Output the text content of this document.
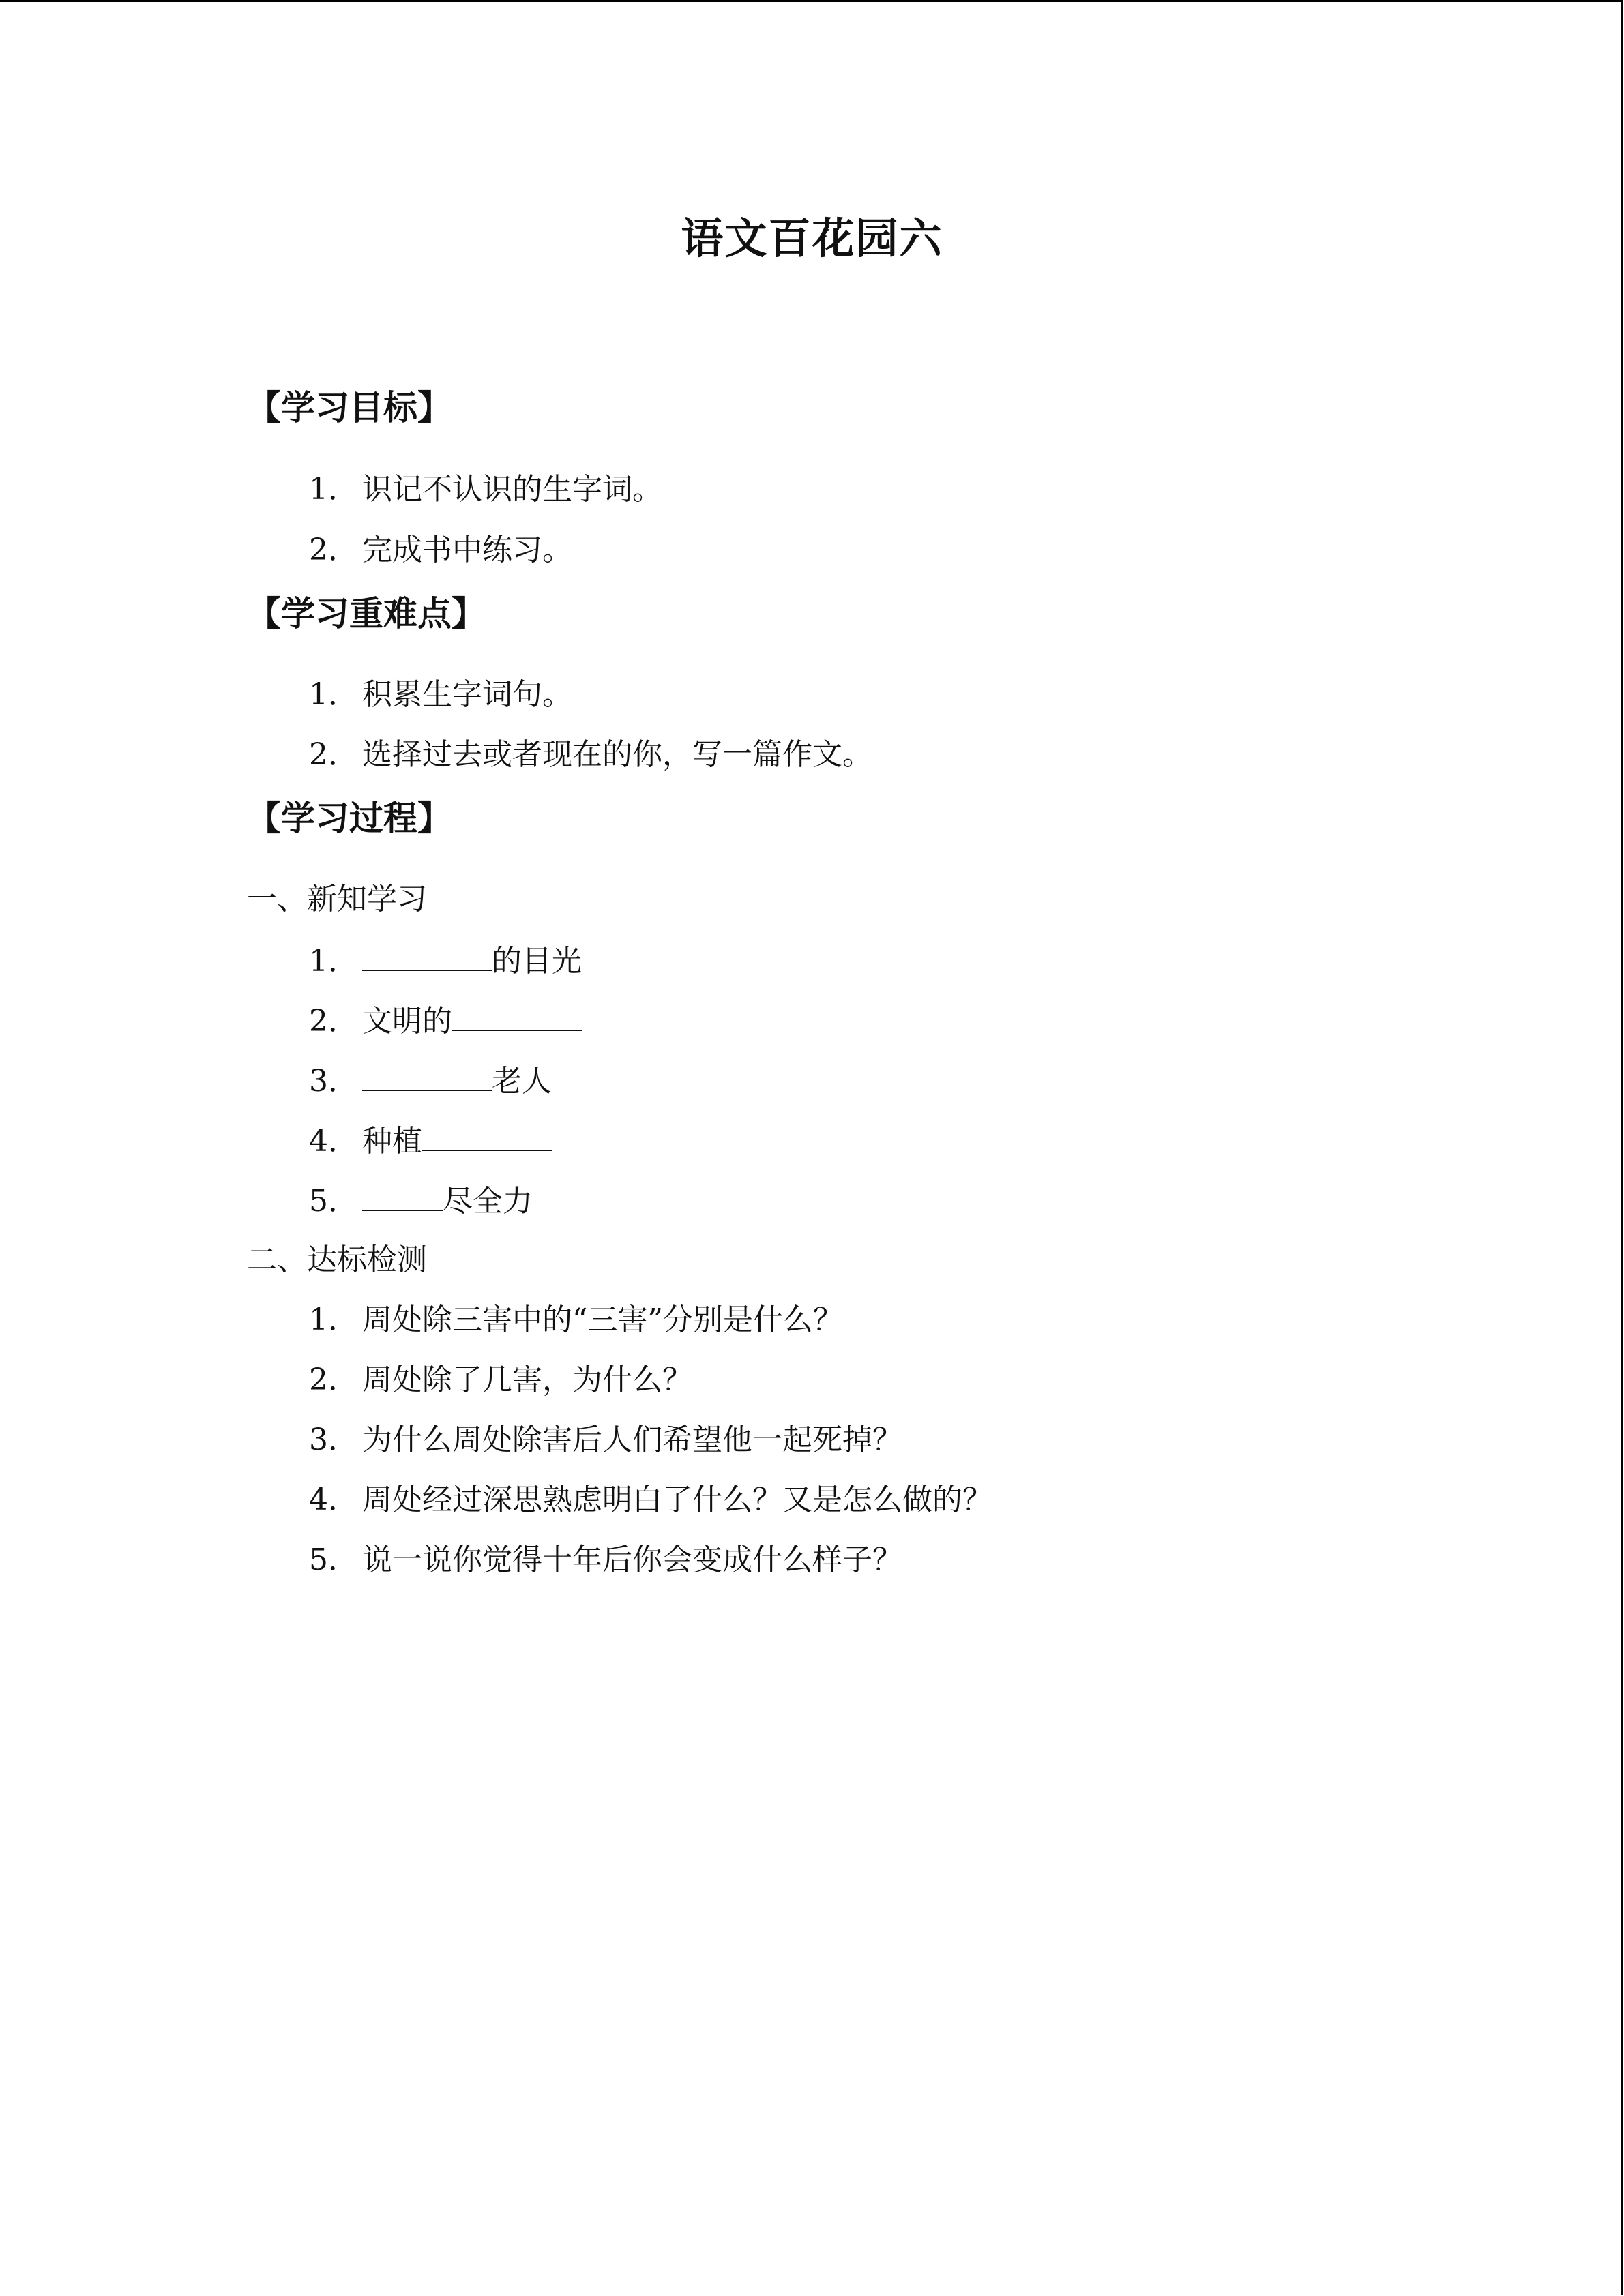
语文百花园六
【学习目标】
1． 识记不认识的生字词。
2． 完成书中练习。
【学习重难点】
1． 积累生字词句。
2． 选择过去或者现在的你，写一篇作文。
【学习过程】
一、新知学习
1．	的目光
2． 文明的
3．	老人
4． 种植
5．	尽全力
二、达标检测
1． 周处除三害中的“三害”分别是什么？
2． 周处除了几害，为什么？
3． 为什么周处除害后人们希望他一起死掉？
4． 周处经过深思熟虑明白了什么？又是怎么做的？
5． 说一说你觉得十年后你会变成什么样子？
